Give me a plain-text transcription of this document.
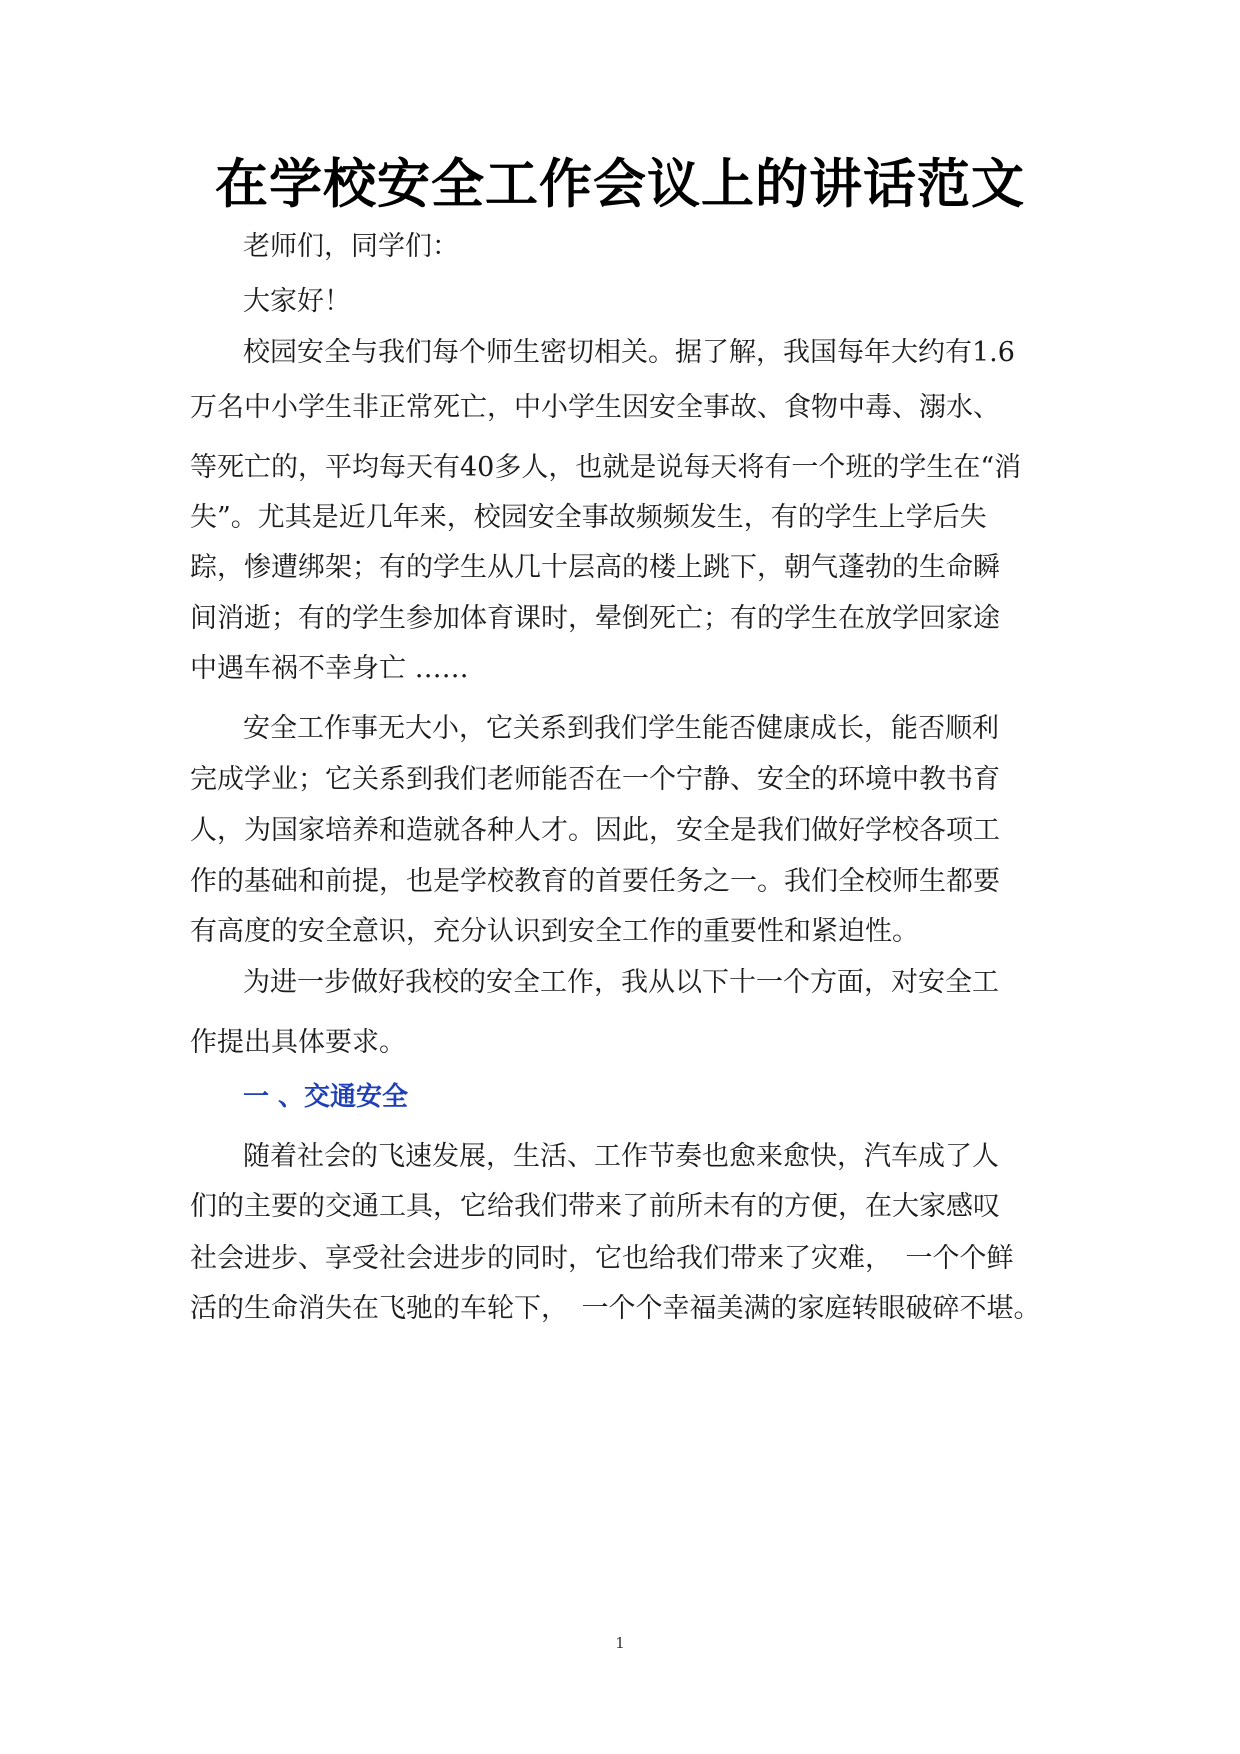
在学校安全工作会议上的讲话范文

老师们，同学们：

大家好！

校园安全与我们每个师生密切相关。据了解，我国每年大约有1.6

万名中小学生非正常死亡，中小学生因安全事故、食物中毒、溺水、

等死亡的，平均每天有40多人，也就是说每天将有一个班的学生在“消

失”。尤其是近几年来，校园安全事故频频发生，有的学生上学后失

踪，惨遭绑架；有的学生从几十层高的楼上跳下，朝气蓬勃的生命瞬

间消逝；有的学生参加体育课时，晕倒死亡；有的学生在放学回家途

中遇车祸不幸身亡 ……

安全工作事无大小，它关系到我们学生能否健康成长，能否顺利

完成学业；它关系到我们老师能否在一个宁静、安全的环境中教书育

人，为国家培养和造就各种人才。因此，安全是我们做好学校各项工

作的基础和前提，也是学校教育的首要任务之一。我们全校师生都要

有高度的安全意识，充分认识到安全工作的重要性和紧迫性。

为进一步做好我校的安全工作，我从以下十一个方面，对安全工

作提出具体要求。

一 、交通安全

随着社会的飞速发展，生活、工作节奏也愈来愈快，汽车成了人

们的主要的交通工具，它给我们带来了前所未有的方便，在大家感叹

社会进步、享受社会进步的同时，它也给我们带来了灾难，　一个个鲜

活的生命消失在飞驰的车轮下，　一个个幸福美满的家庭转眼破碎不堪。

1
